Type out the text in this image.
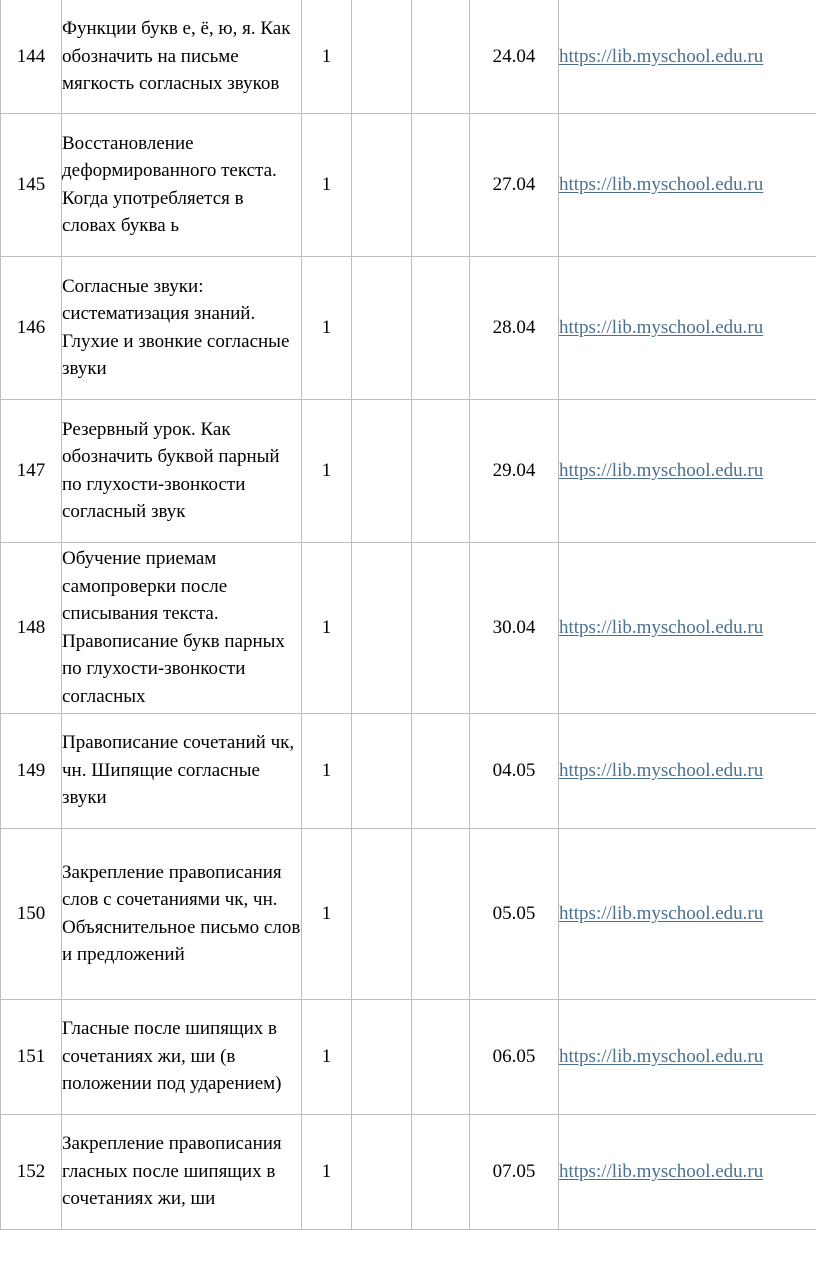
144	Функции букв е, ё, ю, я. Как обозначить на письме мягкость согласных звуков	1			24.04	https://lib.myschool.edu.ru
145	Восстановление деформированного текста. Когда употребляется в словах буква ь	1			27.04	https://lib.myschool.edu.ru
146	Согласные звуки: систематизация знаний. Глухие и звонкие согласные звуки	1			28.04	https://lib.myschool.edu.ru
147	Резервный урок. Как обозначить буквой парный по глухости-звонкости согласный звук	1			29.04	https://lib.myschool.edu.ru
148	Обучение приемам самопроверки после списывания текста. Правописание букв парных по глухости-звонкости согласных	1			30.04	https://lib.myschool.edu.ru
149	Правописание сочетаний чк, чн. Шипящие согласные звуки	1			04.05	https://lib.myschool.edu.ru
150	Закрепление правописания слов с сочетаниями чк, чн. Объяснительное письмо слов и предложений	1			05.05	https://lib.myschool.edu.ru
151	Гласные после шипящих в сочетаниях жи, ши (в положении под ударением)	1			06.05	https://lib.myschool.edu.ru
152	Закрепление правописания гласных после шипящих в сочетаниях жи, ши	1			07.05	https://lib.myschool.edu.ru
